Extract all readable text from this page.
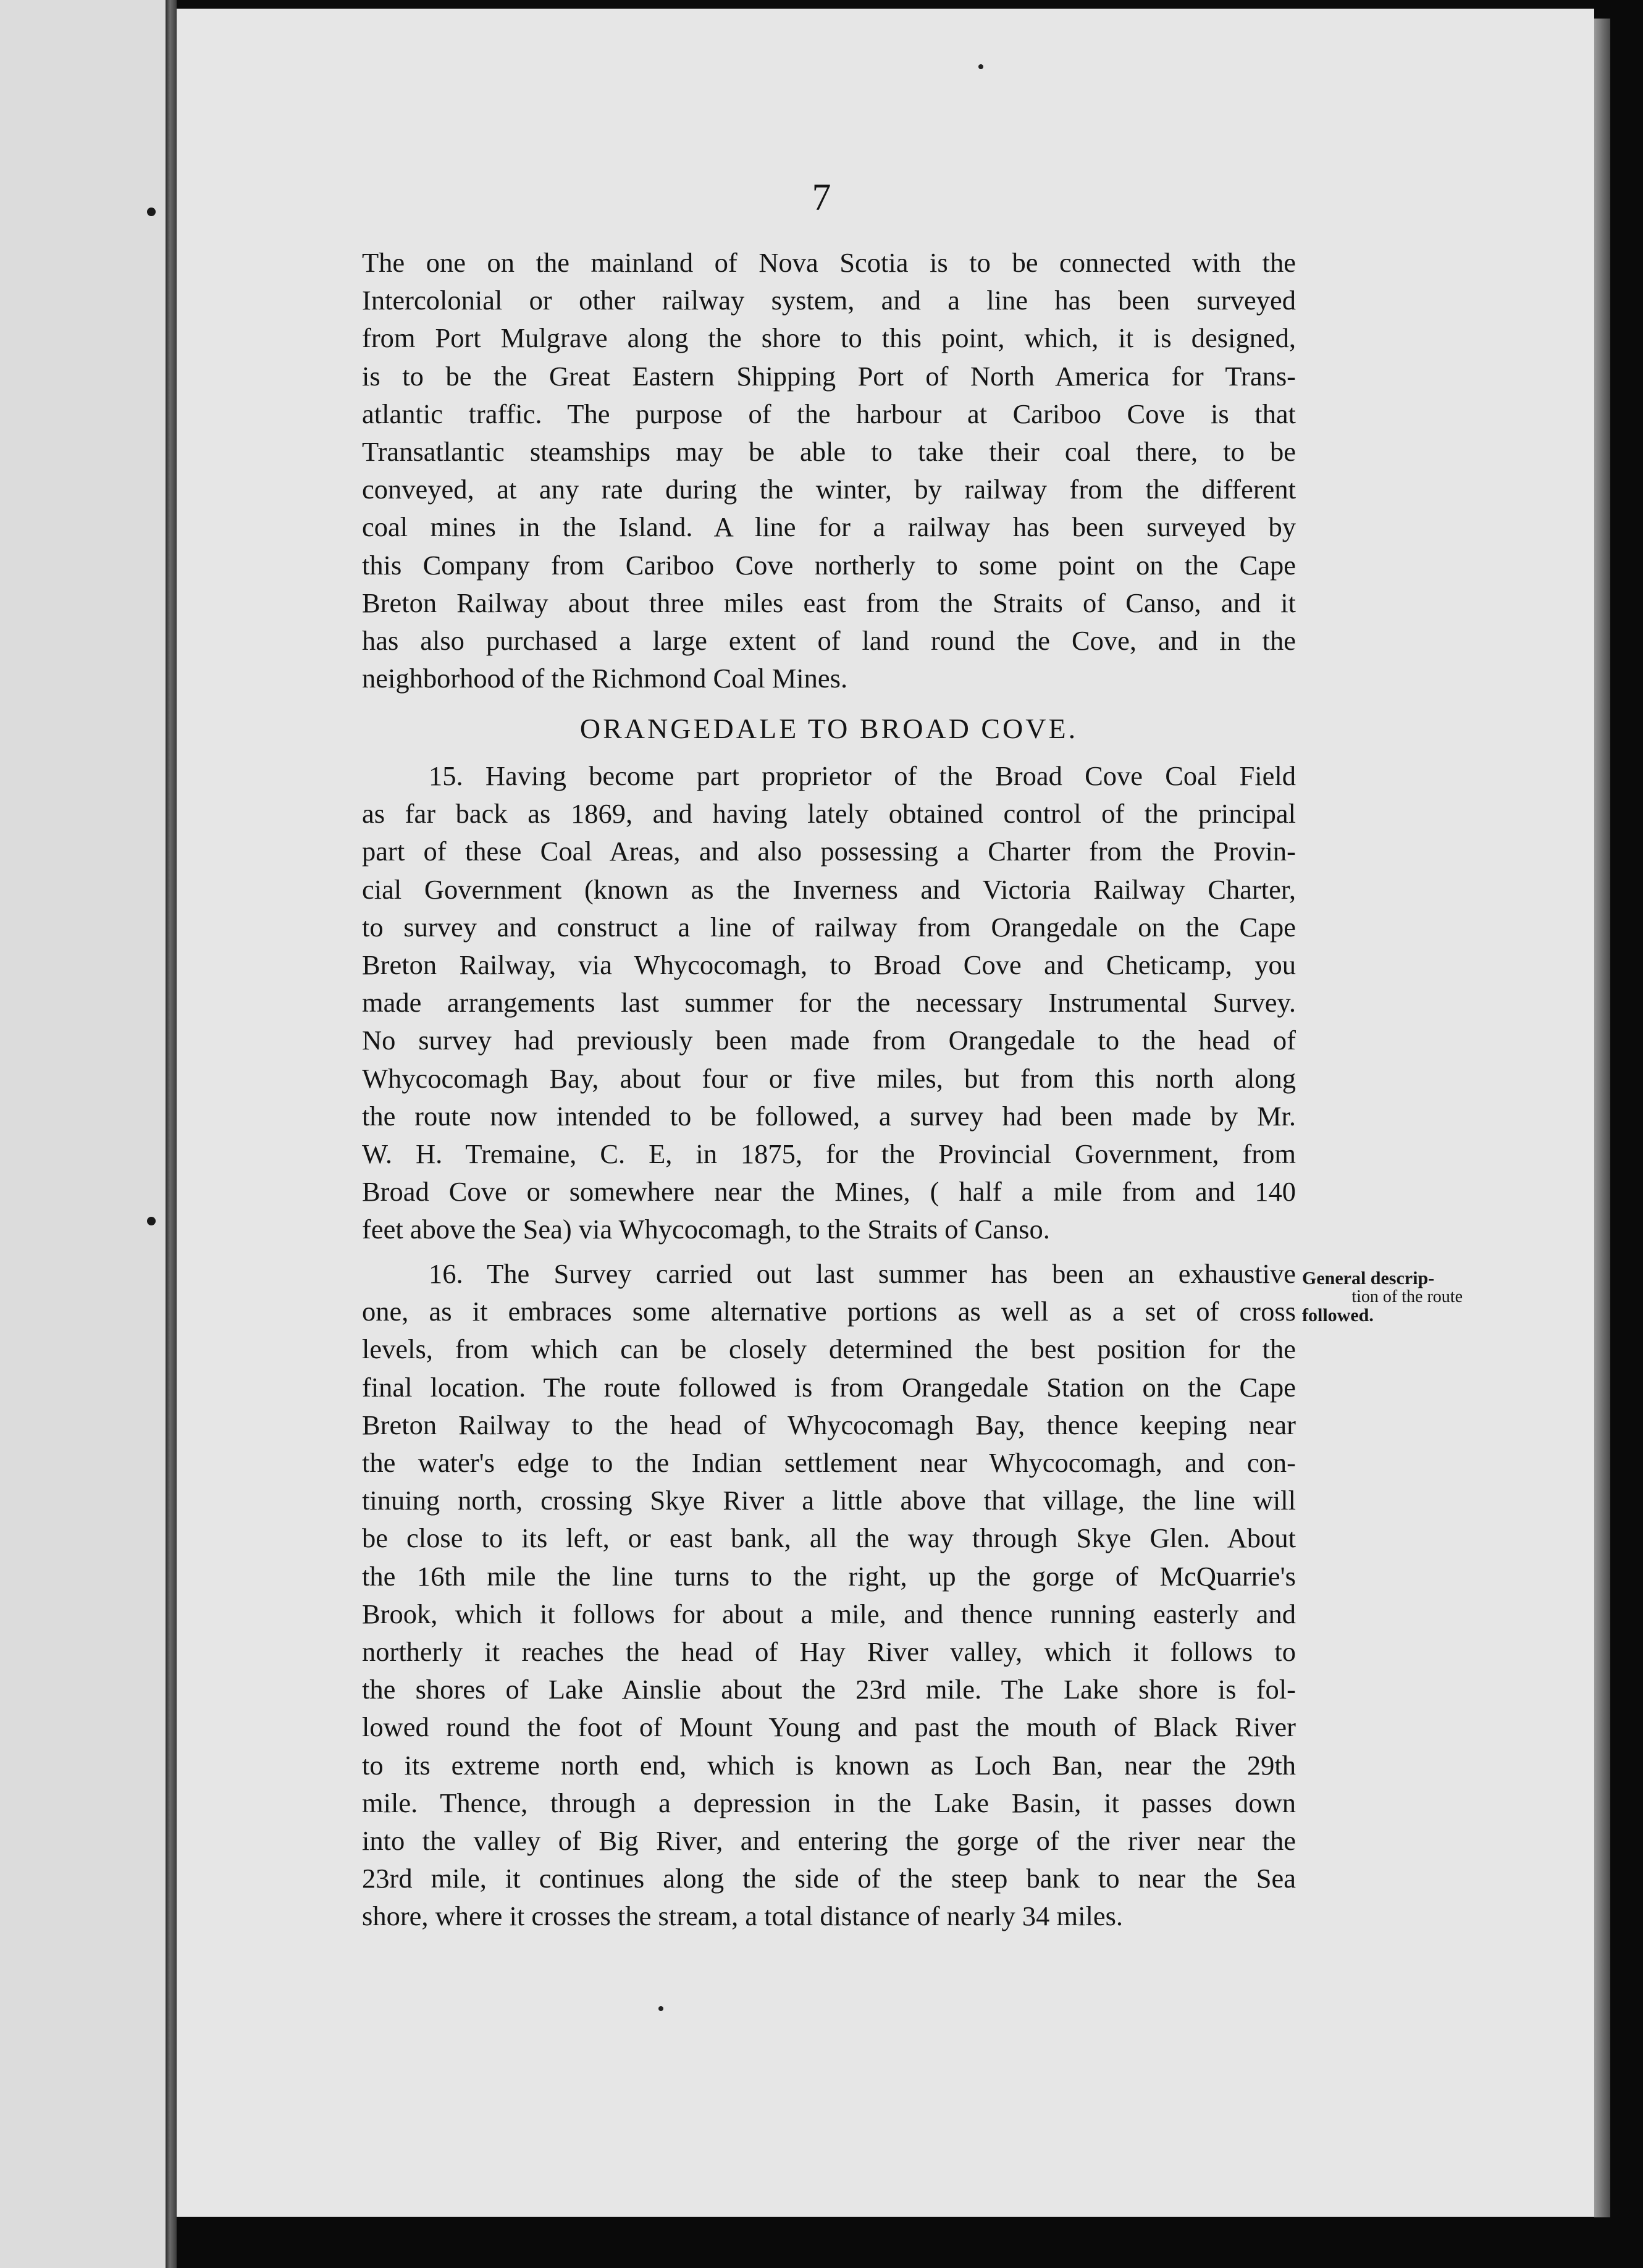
7
The one on the mainland of Nova Scotia is to be connected with the
Intercolonial or other railway system, and a line has been surveyed
from Port Mulgrave along the shore to this point, which, it is designed,
is to be the Great Eastern Shipping Port of North America for Trans-
atlantic traffic. The purpose of the harbour at Cariboo Cove is that
Transatlantic steamships may be able to take their coal there, to be
conveyed, at any rate during the winter, by railway from the different
coal mines in the Island. A line for a railway has been surveyed by
this Company from Cariboo Cove northerly to some point on the Cape
Breton Railway about three miles east from the Straits of Canso, and it
has also purchased a large extent of land round the Cove, and in the
neighborhood of the Richmond Coal Mines.
ORANGEDALE TO BROAD COVE.
15. Having become part proprietor of the Broad Cove Coal Field
as far back as 1869, and having lately obtained control of the principal
part of these Coal Areas, and also possessing a Charter from the Provin-
cial Government (known as the Inverness and Victoria Railway Charter,
to survey and construct a line of railway from Orangedale on the Cape
Breton Railway, via Whycocomagh, to Broad Cove and Cheticamp, you
made arrangements last summer for the necessary Instrumental Survey.
No survey had previously been made from Orangedale to the head of
Whycocomagh Bay, about four or five miles, but from this north along
the route now intended to be followed, a survey had been made by Mr.
W. H. Tremaine, C. E, in 1875, for the Provincial Government, from
Broad Cove or somewhere near the Mines, ( half a mile from and 140
feet above the Sea) via Whycocomagh, to the Straits of Canso.
16. The Survey carried out last summer has been an exhaustive
one, as it embraces some alternative portions as well as a set of cross
levels, from which can be closely determined the best position for the
final location. The route followed is from Orangedale Station on the Cape
Breton Railway to the head of Whycocomagh Bay, thence keeping near
the water's edge to the Indian settlement near Whycocomagh, and con-
tinuing north, crossing Skye River a little above that village, the line will
be close to its left, or east bank, all the way through Skye Glen. About
the 16th mile the line turns to the right, up the gorge of McQuarrie's
Brook, which it follows for about a mile, and thence running easterly and
northerly it reaches the head of Hay River valley, which it follows to
the shores of Lake Ainslie about the 23rd mile. The Lake shore is fol-
lowed round the foot of Mount Young and past the mouth of Black River
to its extreme north end, which is known as Loch Ban, near the 29th
mile. Thence, through a depression in the Lake Basin, it passes down
into the valley of Big River, and entering the gorge of the river near the
23rd mile, it continues along the side of the steep bank to near the Sea
shore, where it crosses the stream, a total distance of nearly 34 miles.
General descrip-
tion of the route
followed.
